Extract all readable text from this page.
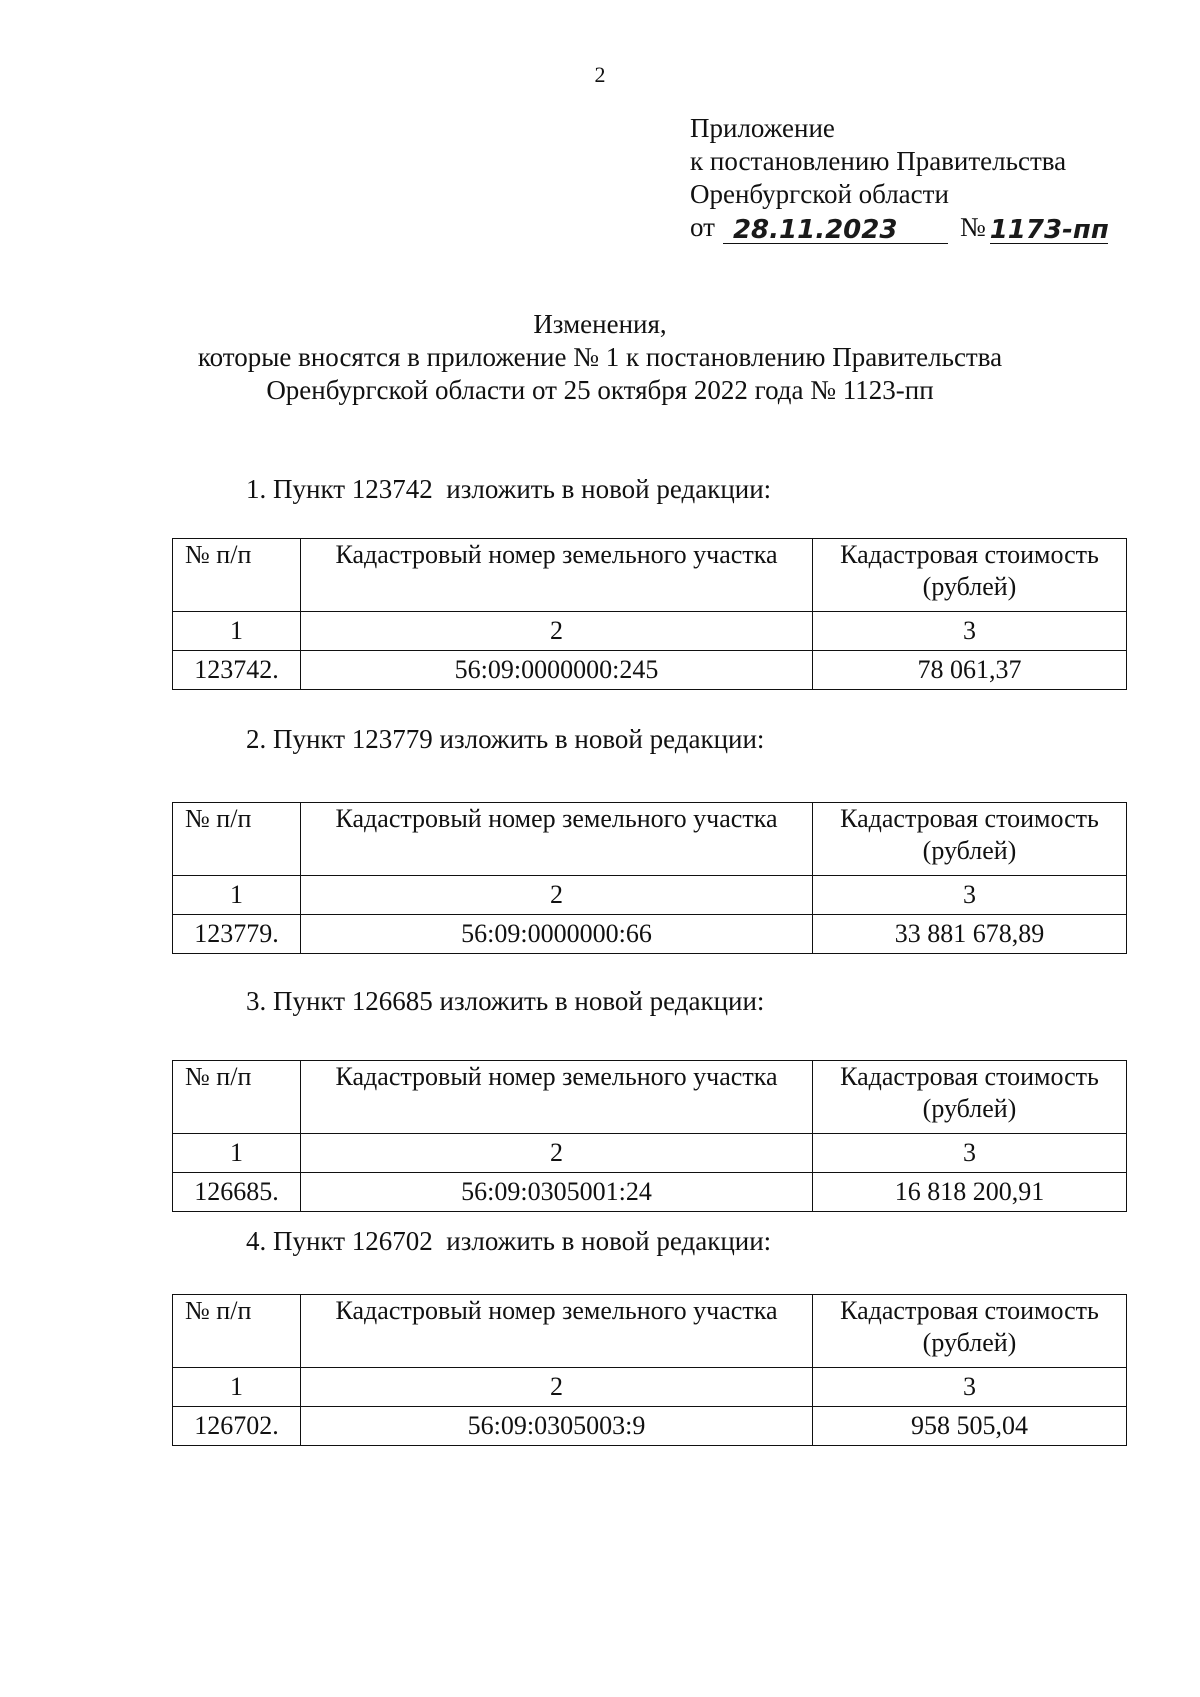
2
Приложение
к постановлению Правительства
Оренбургской области
от 28.11.2023	№ 1173-пп
Изменения,
которые вносятся в приложение № 1 к постановлению Правительства
Оренбургской области от 25 октября 2022 года № 1123-пп
1. Пункт 123742  изложить в новой редакции:
№ п/п	Кадастровый номер земельного участка	Кадастровая стоимость (рублей)
1	2	3
123742.	56:09:0000000:245	78 061,37
2. Пункт 123779 изложить в новой редакции:
№ п/п	Кадастровый номер земельного участка	Кадастровая стоимость (рублей)
1	2	3
123779.	56:09:0000000:66	33 881 678,89
3. Пункт 126685 изложить в новой редакции:
№ п/п	Кадастровый номер земельного участка	Кадастровая стоимость (рублей)
1	2	3
126685.	56:09:0305001:24	16 818 200,91
4. Пункт 126702  изложить в новой редакции:
№ п/п	Кадастровый номер земельного участка	Кадастровая стоимость (рублей)
1	2	3
126702.	56:09:0305003:9	958 505,04
